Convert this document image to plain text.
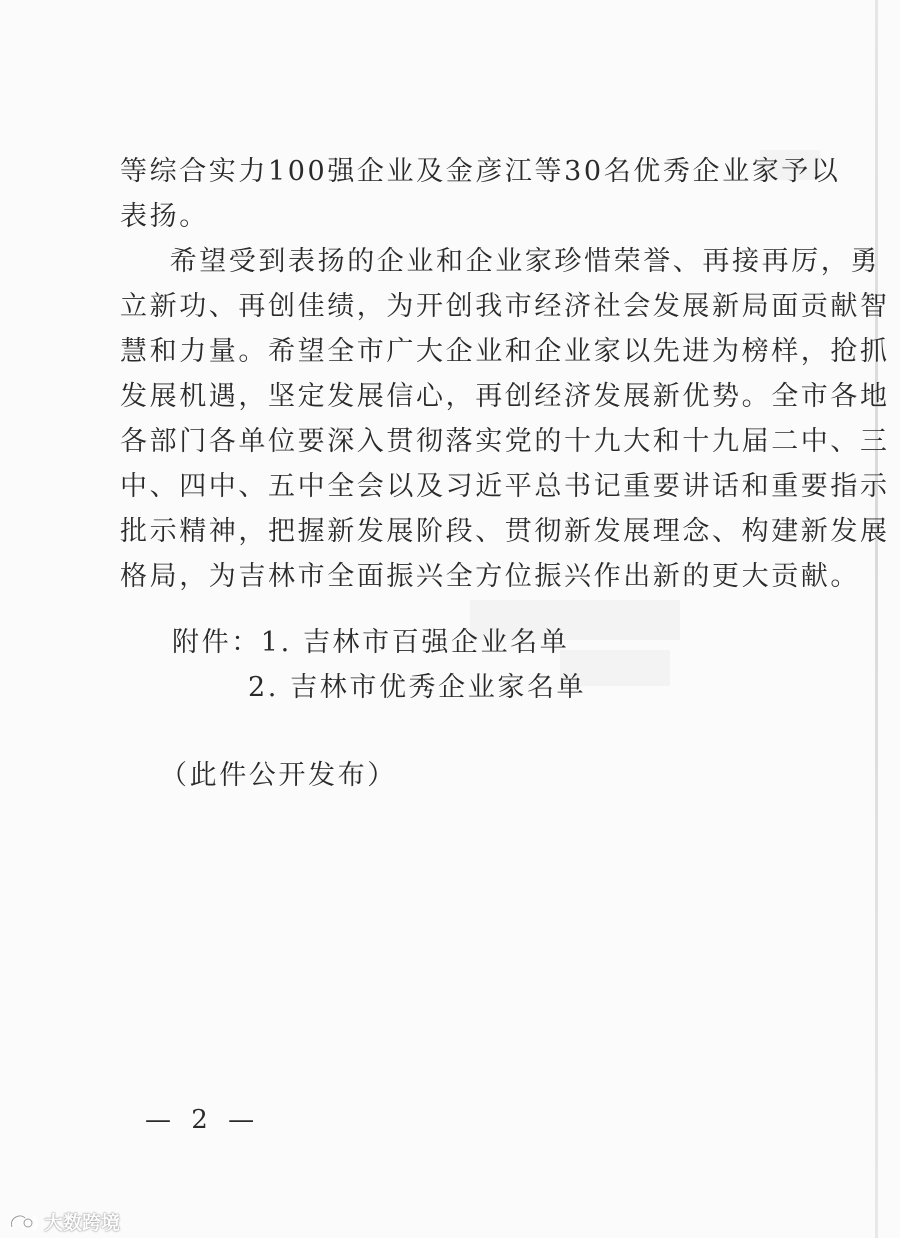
等综合实力100强企业及金彦江等30名优秀企业家予以
表扬。
　希望受到表扬的企业和企业家珍惜荣誉、再接再厉，勇
立新功、再创佳绩，为开创我市经济社会发展新局面贡献智
慧和力量。希望全市广大企业和企业家以先进为榜样，抢抓
发展机遇，坚定发展信心，再创经济发展新优势。全市各地
各部门各单位要深入贯彻落实党的十九大和十九届二中、三
中、四中、五中全会以及习近平总书记重要讲话和重要指示
批示精神，把握新发展阶段、贯彻新发展理念、构建新发展
格局，为吉林市全面振兴全方位振兴作出新的更大贡献。
附件：1. 吉林市百强企业名单
2. 吉林市优秀企业家名单
（此件公开发布）
— 2 —
大数跨境
